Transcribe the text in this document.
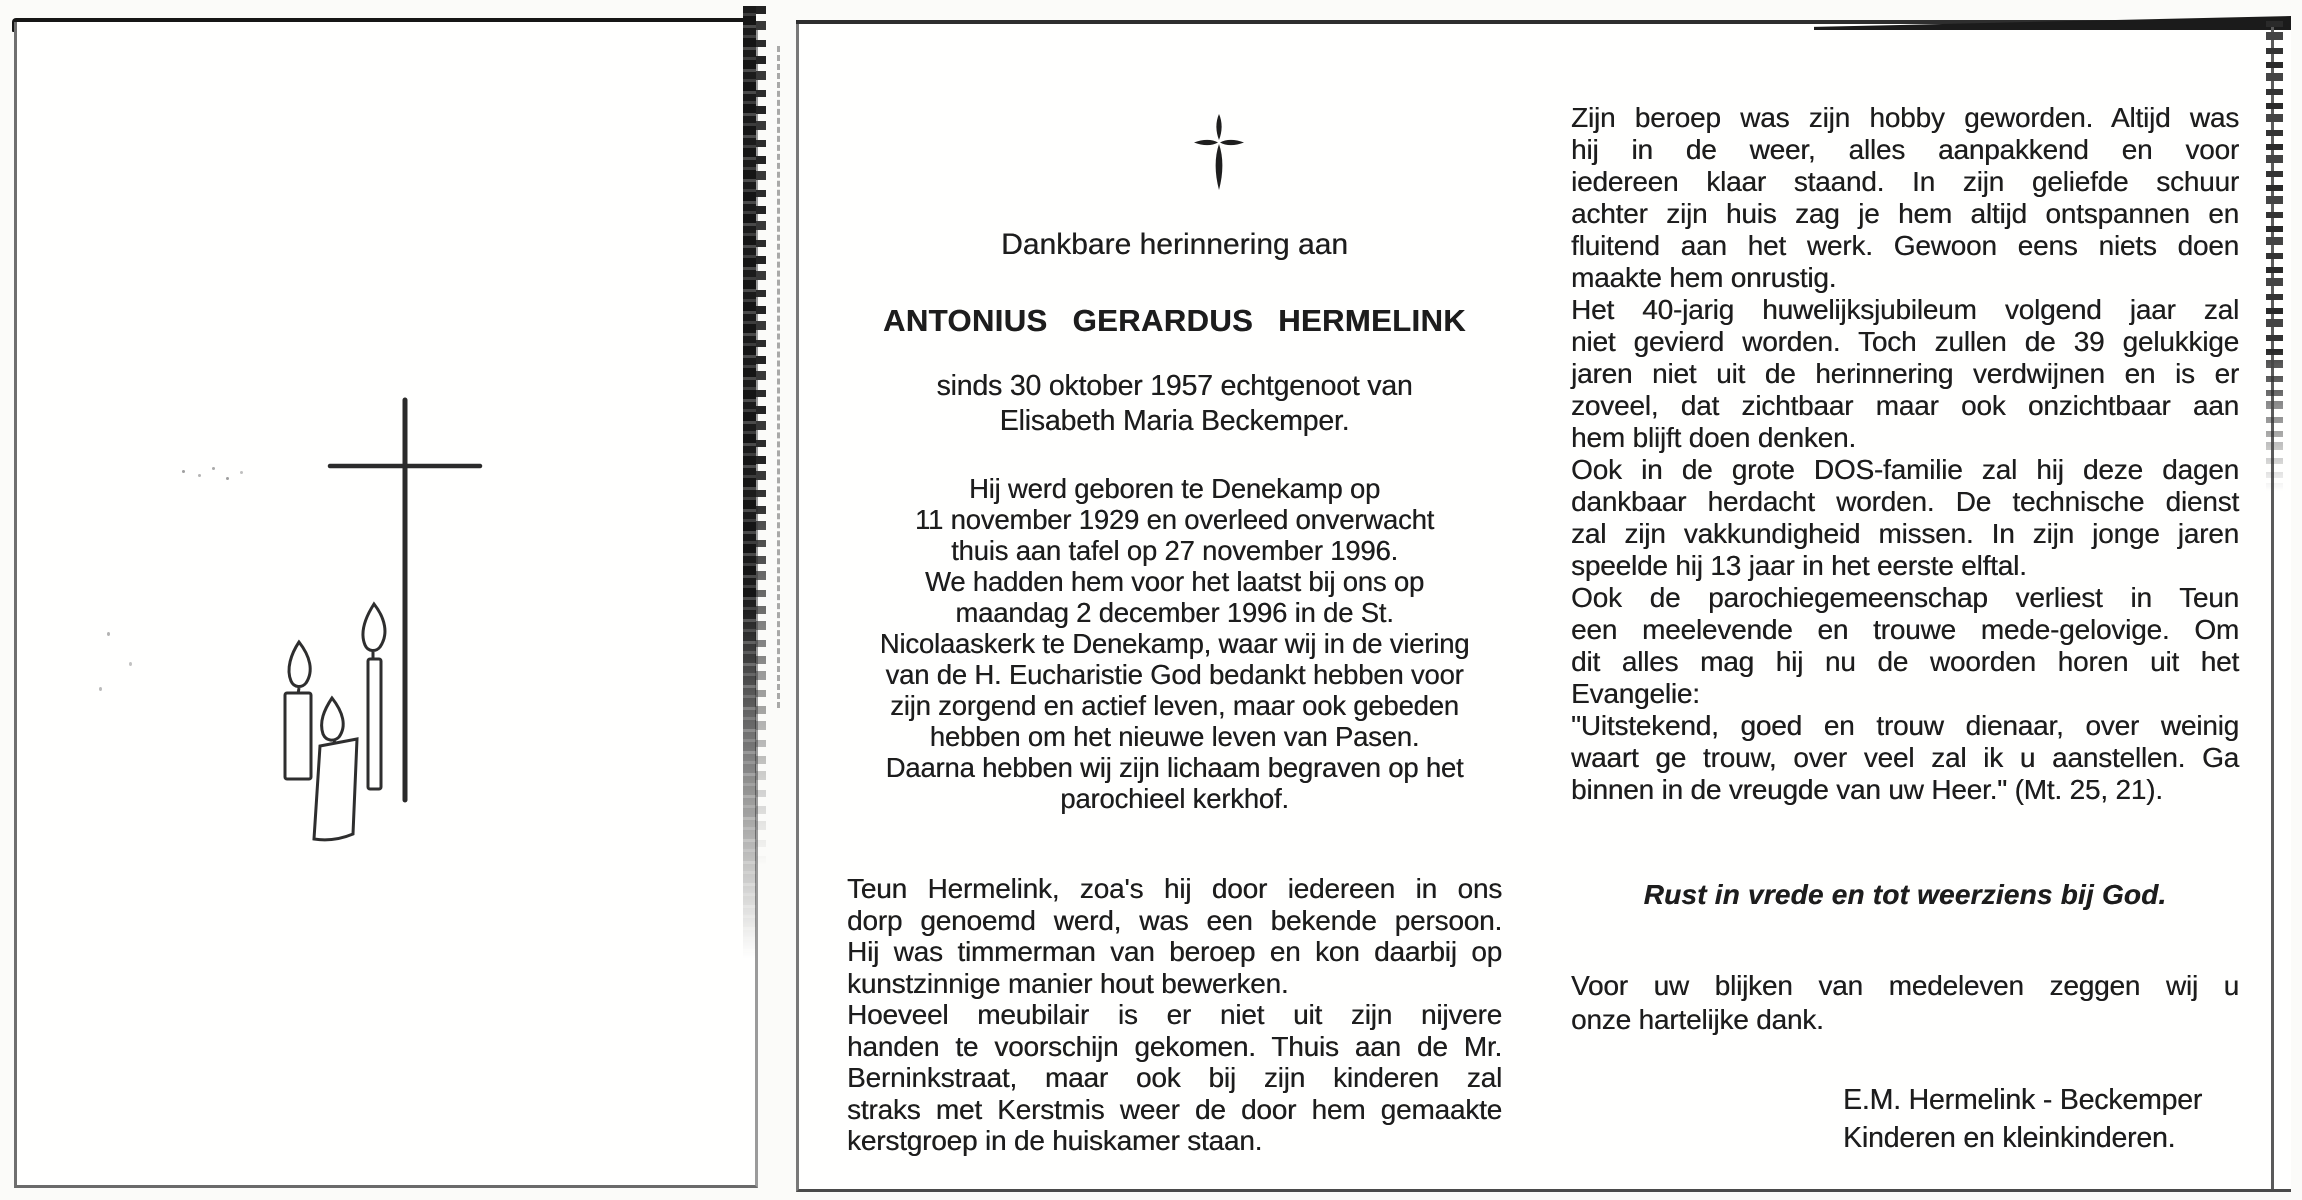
Dankbare herinnering aan
ANTONIUS GERARDUS HERMELINK
sinds 30 oktober 1957 echtgenoot van
Elisabeth Maria Beckemper.
Hij werd geboren te Denekamp op
11 november 1929 en overleed onverwacht
thuis aan tafel op 27 november 1996.
We hadden hem voor het laatst bij ons op
maandag 2 december 1996 in de St.
Nicolaaskerk te Denekamp, waar wij in de viering
van de H. Eucharistie God bedankt hebben voor
zijn zorgend en actief leven, maar ook gebeden
hebben om het nieuwe leven van Pasen.
Daarna hebben wij zijn lichaam begraven op het
parochieel kerkhof.
Teun Hermelink, zoa's hij door iedereen in ons
dorp genoemd werd, was een bekende persoon.
Hij was timmerman van beroep en kon daarbij op
kunstzinnige manier hout bewerken.
Hoeveel meubilair is er niet uit zijn nijvere
handen te voorschijn gekomen. Thuis aan de Mr.
Berninkstraat, maar ook bij zijn kinderen zal
straks met Kerstmis weer de door hem gemaakte
kerstgroep in de huiskamer staan.
Zijn beroep was zijn hobby geworden. Altijd was
hij in de weer, alles aanpakkend en voor
iedereen klaar staand. In zijn geliefde schuur
achter zijn huis zag je hem altijd ontspannen en
fluitend aan het werk. Gewoon eens niets doen
maakte hem onrustig.
Het 40-jarig huwelijksjubileum volgend jaar zal
niet gevierd worden. Toch zullen de 39 gelukkige
jaren niet uit de herinnering verdwijnen en is er
zoveel, dat zichtbaar maar ook onzichtbaar aan
hem blijft doen denken.
Ook in de grote DOS-familie zal hij deze dagen
dankbaar herdacht worden. De technische dienst
zal zijn vakkundigheid missen. In zijn jonge jaren
speelde hij 13 jaar in het eerste elftal.
Ook de parochiegemeenschap verliest in Teun
een meelevende en trouwe mede-gelovige. Om
dit alles mag hij nu de woorden horen uit het
Evangelie:
"Uitstekend, goed en trouw dienaar, over weinig
waart ge trouw, over veel zal ik u aanstellen. Ga
binnen in de vreugde van uw Heer." (Mt. 25, 21).
Rust in vrede en tot weerziens bij God.
Voor uw blijken van medeleven zeggen wij u
onze hartelijke dank.
E.M. Hermelink - Beckemper
Kinderen en kleinkinderen.
